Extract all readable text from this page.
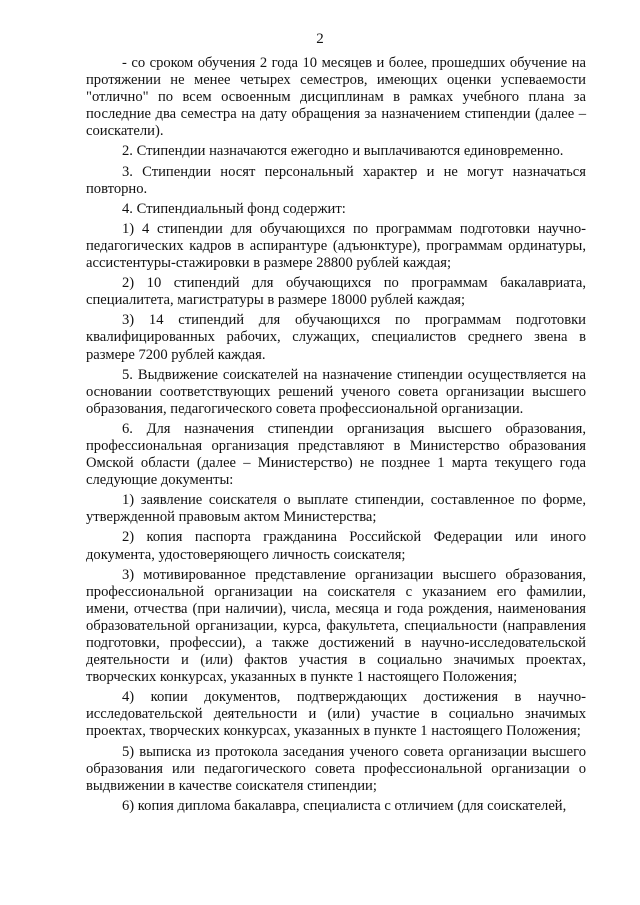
2

- со сроком обучения 2 года 10 месяцев и более, прошедших обучение на протяжении не менее четырех семестров, имеющих оценки успеваемости "отлично" по всем освоенным дисциплинам в рамках учебного плана за последние два семестра на дату обращения за назначением стипендии (далее – соискатели).

2. Стипендии назначаются ежегодно и выплачиваются единовременно.

3. Стипендии носят персональный характер и не могут назначаться повторно.

4. Стипендиальный фонд содержит:

1) 4 стипендии для обучающихся по программам подготовки научно-педагогических кадров в аспирантуре (адъюнктуре), программам ординатуры, ассистентуры-стажировки в размере 28800 рублей каждая;

2) 10 стипендий для обучающихся по программам бакалавриата, специалитета, магистратуры в размере 18000 рублей каждая;

3) 14 стипендий для обучающихся по программам подготовки квалифицированных рабочих, служащих, специалистов среднего звена в размере 7200 рублей каждая.

5. Выдвижение соискателей на назначение стипендии осуществляется на основании соответствующих решений ученого совета организации высшего образования, педагогического совета профессиональной организации.

6. Для назначения стипендии организация высшего образования, профессиональная организация представляют в Министерство образования Омской области (далее – Министерство) не позднее 1 марта текущего года следующие документы:

1) заявление соискателя о выплате стипендии, составленное по форме, утвержденной правовым актом Министерства;

2) копия паспорта гражданина Российской Федерации или иного документа, удостоверяющего личность соискателя;

3) мотивированное представление организации высшего образования, профессиональной организации на соискателя с указанием его фамилии, имени, отчества (при наличии), числа, месяца и года рождения, наименования образовательной организации, курса, факультета, специальности (направления подготовки, профессии), а также достижений в научно-исследовательской деятельности и (или) фактов участия в социально значимых проектах, творческих конкурсах, указанных в пункте 1 настоящего Положения;

4) копии документов, подтверждающих достижения в научно-исследовательской деятельности и (или) участие в социально значимых проектах, творческих конкурсах, указанных в пункте 1 настоящего Положения;

5) выписка из протокола заседания ученого совета организации высшего образования или педагогического совета профессиональной организации о выдвижении в качестве соискателя стипендии;

6) копия диплома бакалавра, специалиста с отличием (для соискателей,
